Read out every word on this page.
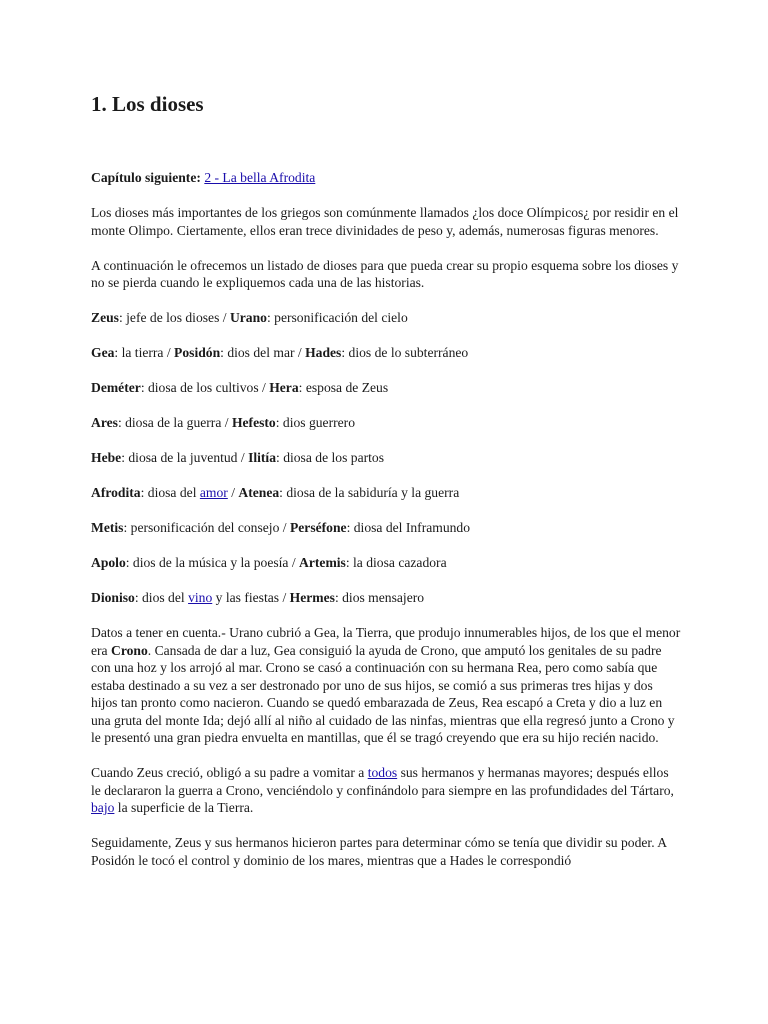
1. Los dioses

Capítulo siguiente: 2 - La bella Afrodita

Los dioses más importantes de los griegos son comúnmente llamados ¿los doce Olímpicos¿ por residir en el monte Olimpo. Ciertamente, ellos eran trece divinidades de peso y, además, numerosas figuras menores.

A continuación le ofrecemos un listado de dioses para que pueda crear su propio esquema sobre los dioses y no se pierda cuando le expliquemos cada una de las historias.

Zeus: jefe de los dioses / Urano: personificación del cielo

Gea: la tierra / Posidón: dios del mar / Hades: dios de lo subterráneo

Deméter: diosa de los cultivos / Hera: esposa de Zeus

Ares: diosa de la guerra / Hefesto: dios guerrero

Hebe: diosa de la juventud / Ilitía: diosa de los partos

Afrodita: diosa del amor / Atenea: diosa de la sabiduría y la guerra

Metis: personificación del consejo / Perséfone: diosa del Inframundo

Apolo: dios de la música y la poesía / Artemis: la diosa cazadora

Dioniso: dios del vino y las fiestas / Hermes: dios mensajero

Datos a tener en cuenta.- Urano cubrió a Gea, la Tierra, que produjo innumerables hijos, de los que el menor era Crono. Cansada de dar a luz, Gea consiguió la ayuda de Crono, que amputó los genitales de su padre con una hoz y los arrojó al mar. Crono se casó a continuación con su hermana Rea, pero como sabía que estaba destinado a su vez a ser destronado por uno de sus hijos, se comió a sus primeras tres hijas y dos hijos tan pronto como nacieron. Cuando se quedó embarazada de Zeus, Rea escapó a Creta y dio a luz en una gruta del monte Ida; dejó allí al niño al cuidado de las ninfas, mientras que ella regresó junto a Crono y le presentó una gran piedra envuelta en mantillas, que él se tragó creyendo que era su hijo recién nacido.

Cuando Zeus creció, obligó a su padre a vomitar a todos sus hermanos y hermanas mayores; después ellos le declararon la guerra a Crono, venciéndolo y confinándolo para siempre en las profundidades del Tártaro, bajo la superficie de la Tierra.

Seguidamente, Zeus y sus hermanos hicieron partes para determinar cómo se tenía que dividir su poder. A Posidón le tocó el control y dominio de los mares, mientras que a Hades le correspondió
